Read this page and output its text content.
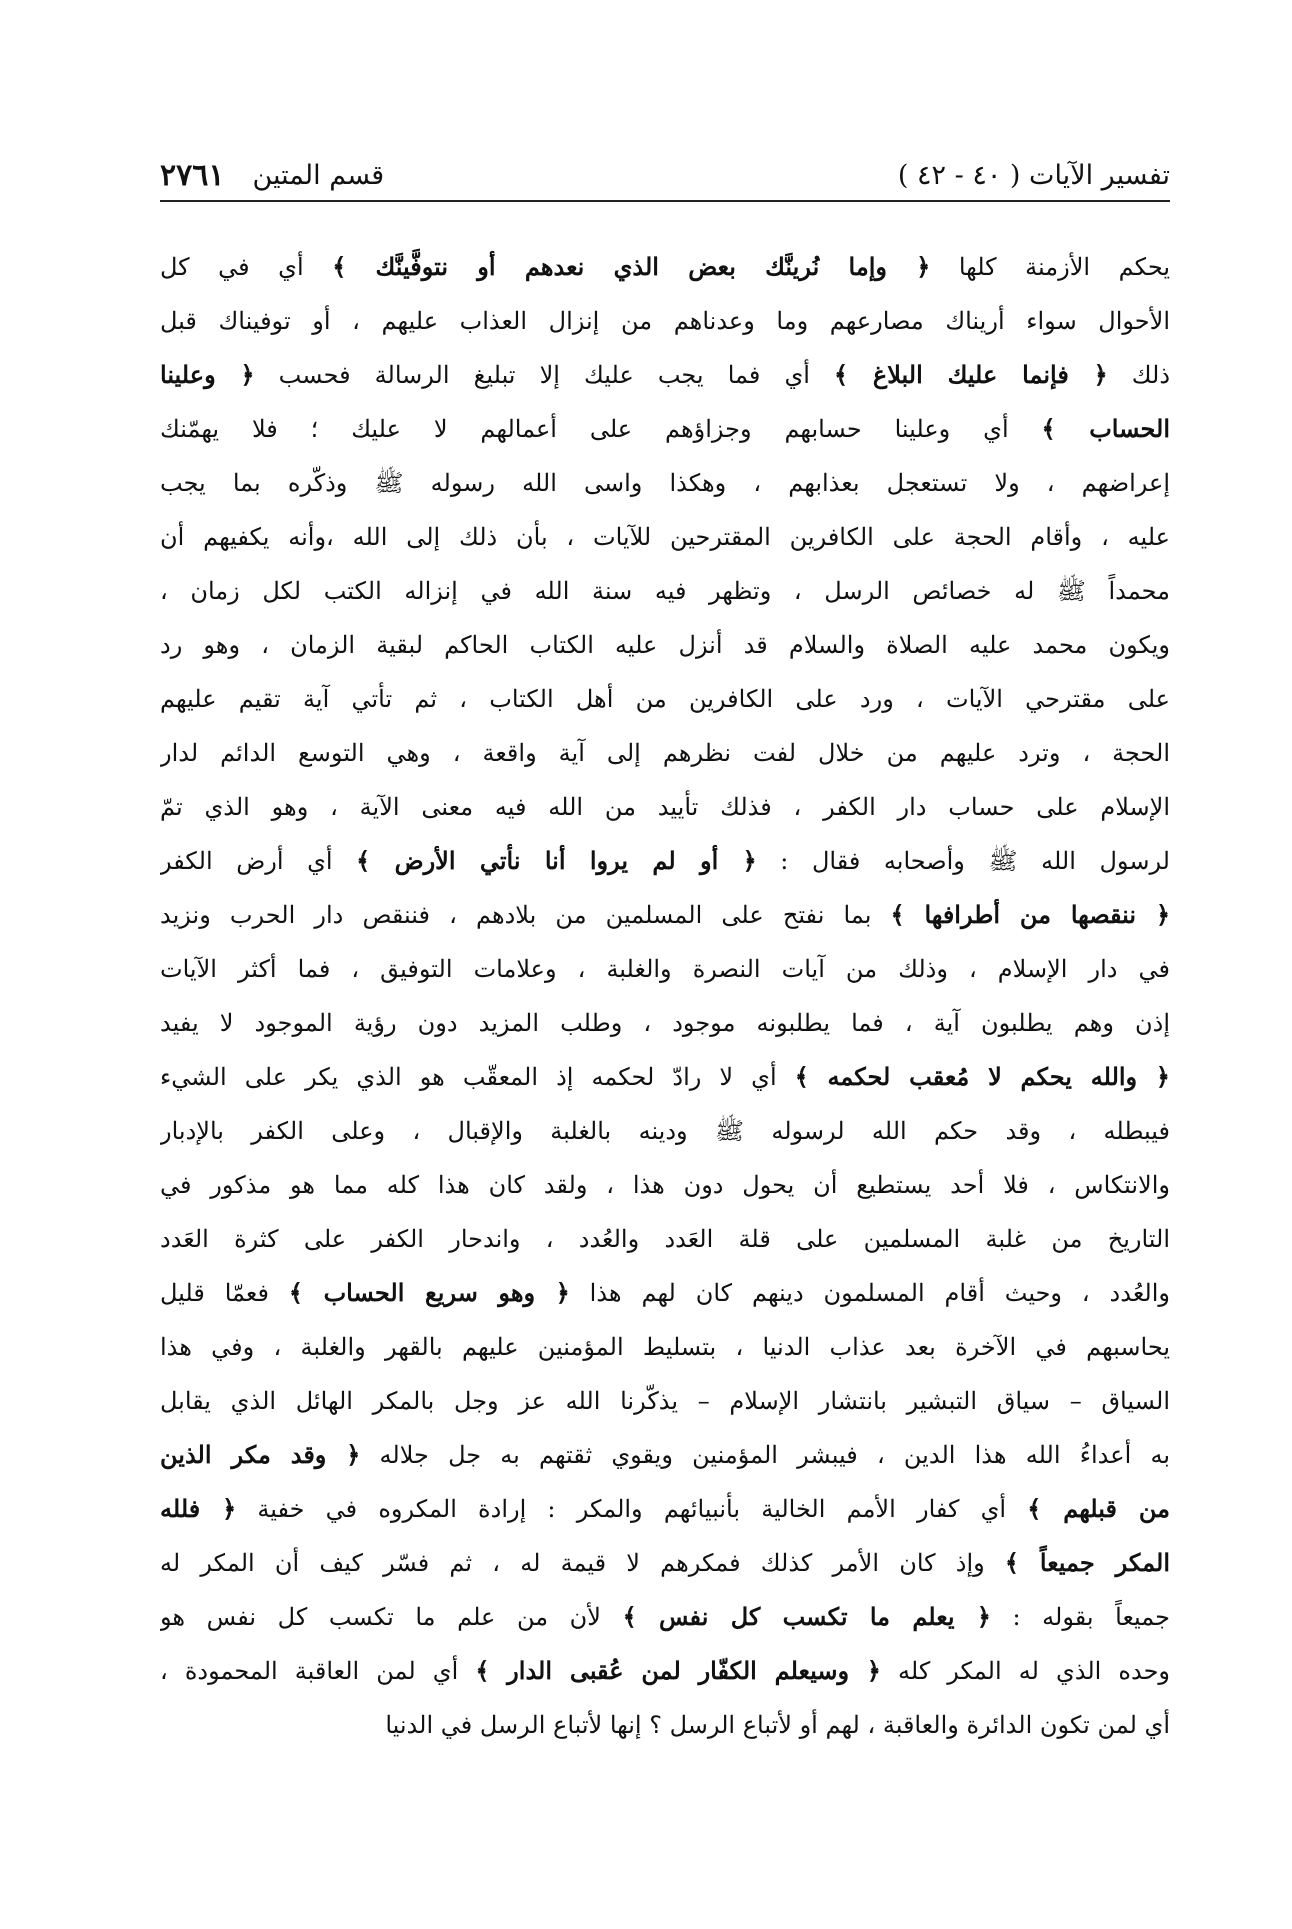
تفسير الآيات ( ٤٠ - ٤٢ )
قسم المتين
٢٧٦١
يحكم الأزمنة كلها ﴿ وإما نُرينَّك بعض الذي نعدهم أو نتوفَّينَّك ﴾ أي في كل
الأحوال سواء أريناك مصارعهم وما وعدناهم من إنزال العذاب عليهم ، أو توفيناك قبل
ذلك ﴿ فإنما عليك البلاغ ﴾ أي فما يجب عليك إلا تبليغ الرسالة فحسب ﴿ وعلينا
الحساب ﴾ أي وعلينا حسابهم وجزاؤهم على أعمالهم لا عليك ؛ فلا يهمّنك
إعراضهم ، ولا تستعجل بعذابهم ، وهكذا واسى الله رسوله ﷺ وذكّره بما يجب
عليه ، وأقام الحجة على الكافرين المقترحين للآيات ، بأن ذلك إلى الله ،وأنه يكفيهم أن
محمداً ﷺ له خصائص الرسل ، وتظهر فيه سنة الله في إنزاله الكتب لكل زمان ،
ويكون محمد عليه الصلاة والسلام قد أنزل عليه الكتاب الحاكم لبقية الزمان ، وهو رد
على مقترحي الآيات ، ورد على الكافرين من أهل الكتاب ، ثم تأتي آية تقيم عليهم
الحجة ، وترد عليهم من خلال لفت نظرهم إلى آية واقعة ، وهي التوسع الدائم لدار
الإسلام على حساب دار الكفر ، فذلك تأييد من الله فيه معنى الآية ، وهو الذي تمّ
لرسول الله ﷺ وأصحابه فقال : ﴿ أو لم يروا أنا نأتي الأرض ﴾ أي أرض الكفر
﴿ ننقصها من أطرافها ﴾ بما نفتح على المسلمين من بلادهم ، فننقص دار الحرب ونزيد
في دار الإسلام ، وذلك من آيات النصرة والغلبة ، وعلامات التوفيق ، فما أكثر الآيات
إذن وهم يطلبون آية ، فما يطلبونه موجود ، وطلب المزيد دون رؤية الموجود لا يفيد
﴿ والله يحكم لا مُعقب لحكمه ﴾ أي لا رادّ لحكمه إذ المعقّب هو الذي يكر على الشيء
فيبطله ، وقد حكم الله لرسوله ﷺ ودينه بالغلبة والإقبال ، وعلى الكفر بالإدبار
والانتكاس ، فلا أحد يستطيع أن يحول دون هذا ، ولقد كان هذا كله مما هو مذكور في
التاريخ من غلبة المسلمين على قلة العَدد والعُدد ، واندحار الكفر على كثرة العَدد
والعُدد ، وحيث أقام المسلمون دينهم كان لهم هذا ﴿ وهو سريع الحساب ﴾ فعمّا قليل
يحاسبهم في الآخرة بعد عذاب الدنيا ، بتسليط المؤمنين عليهم بالقهر والغلبة ، وفي هذا
السياق – سياق التبشير بانتشار الإسلام – يذكّرنا الله عز وجل بالمكر الهائل الذي يقابل
به أعداءُ الله هذا الدين ، فيبشر المؤمنين ويقوي ثقتهم به جل جلاله ﴿ وقد مكر الذين
من قبلهم ﴾ أي كفار الأمم الخالية بأنبيائهم والمكر : إرادة المكروه في خفية ﴿ فلله
المكر جميعاً ﴾ وإذ كان الأمر كذلك فمكرهم لا قيمة له ، ثم فسّر كيف أن المكر له
جميعاً بقوله : ﴿ يعلم ما تكسب كل نفس ﴾ لأن من علم ما تكسب كل نفس هو
وحده الذي له المكر كله ﴿ وسيعلم الكفّار لمن عُقبى الدار ﴾ أي لمن العاقبة المحمودة ،
أي لمن تكون الدائرة والعاقبة ، لهم أو لأتباع الرسل ؟ إنها لأتباع الرسل في الدنيا
